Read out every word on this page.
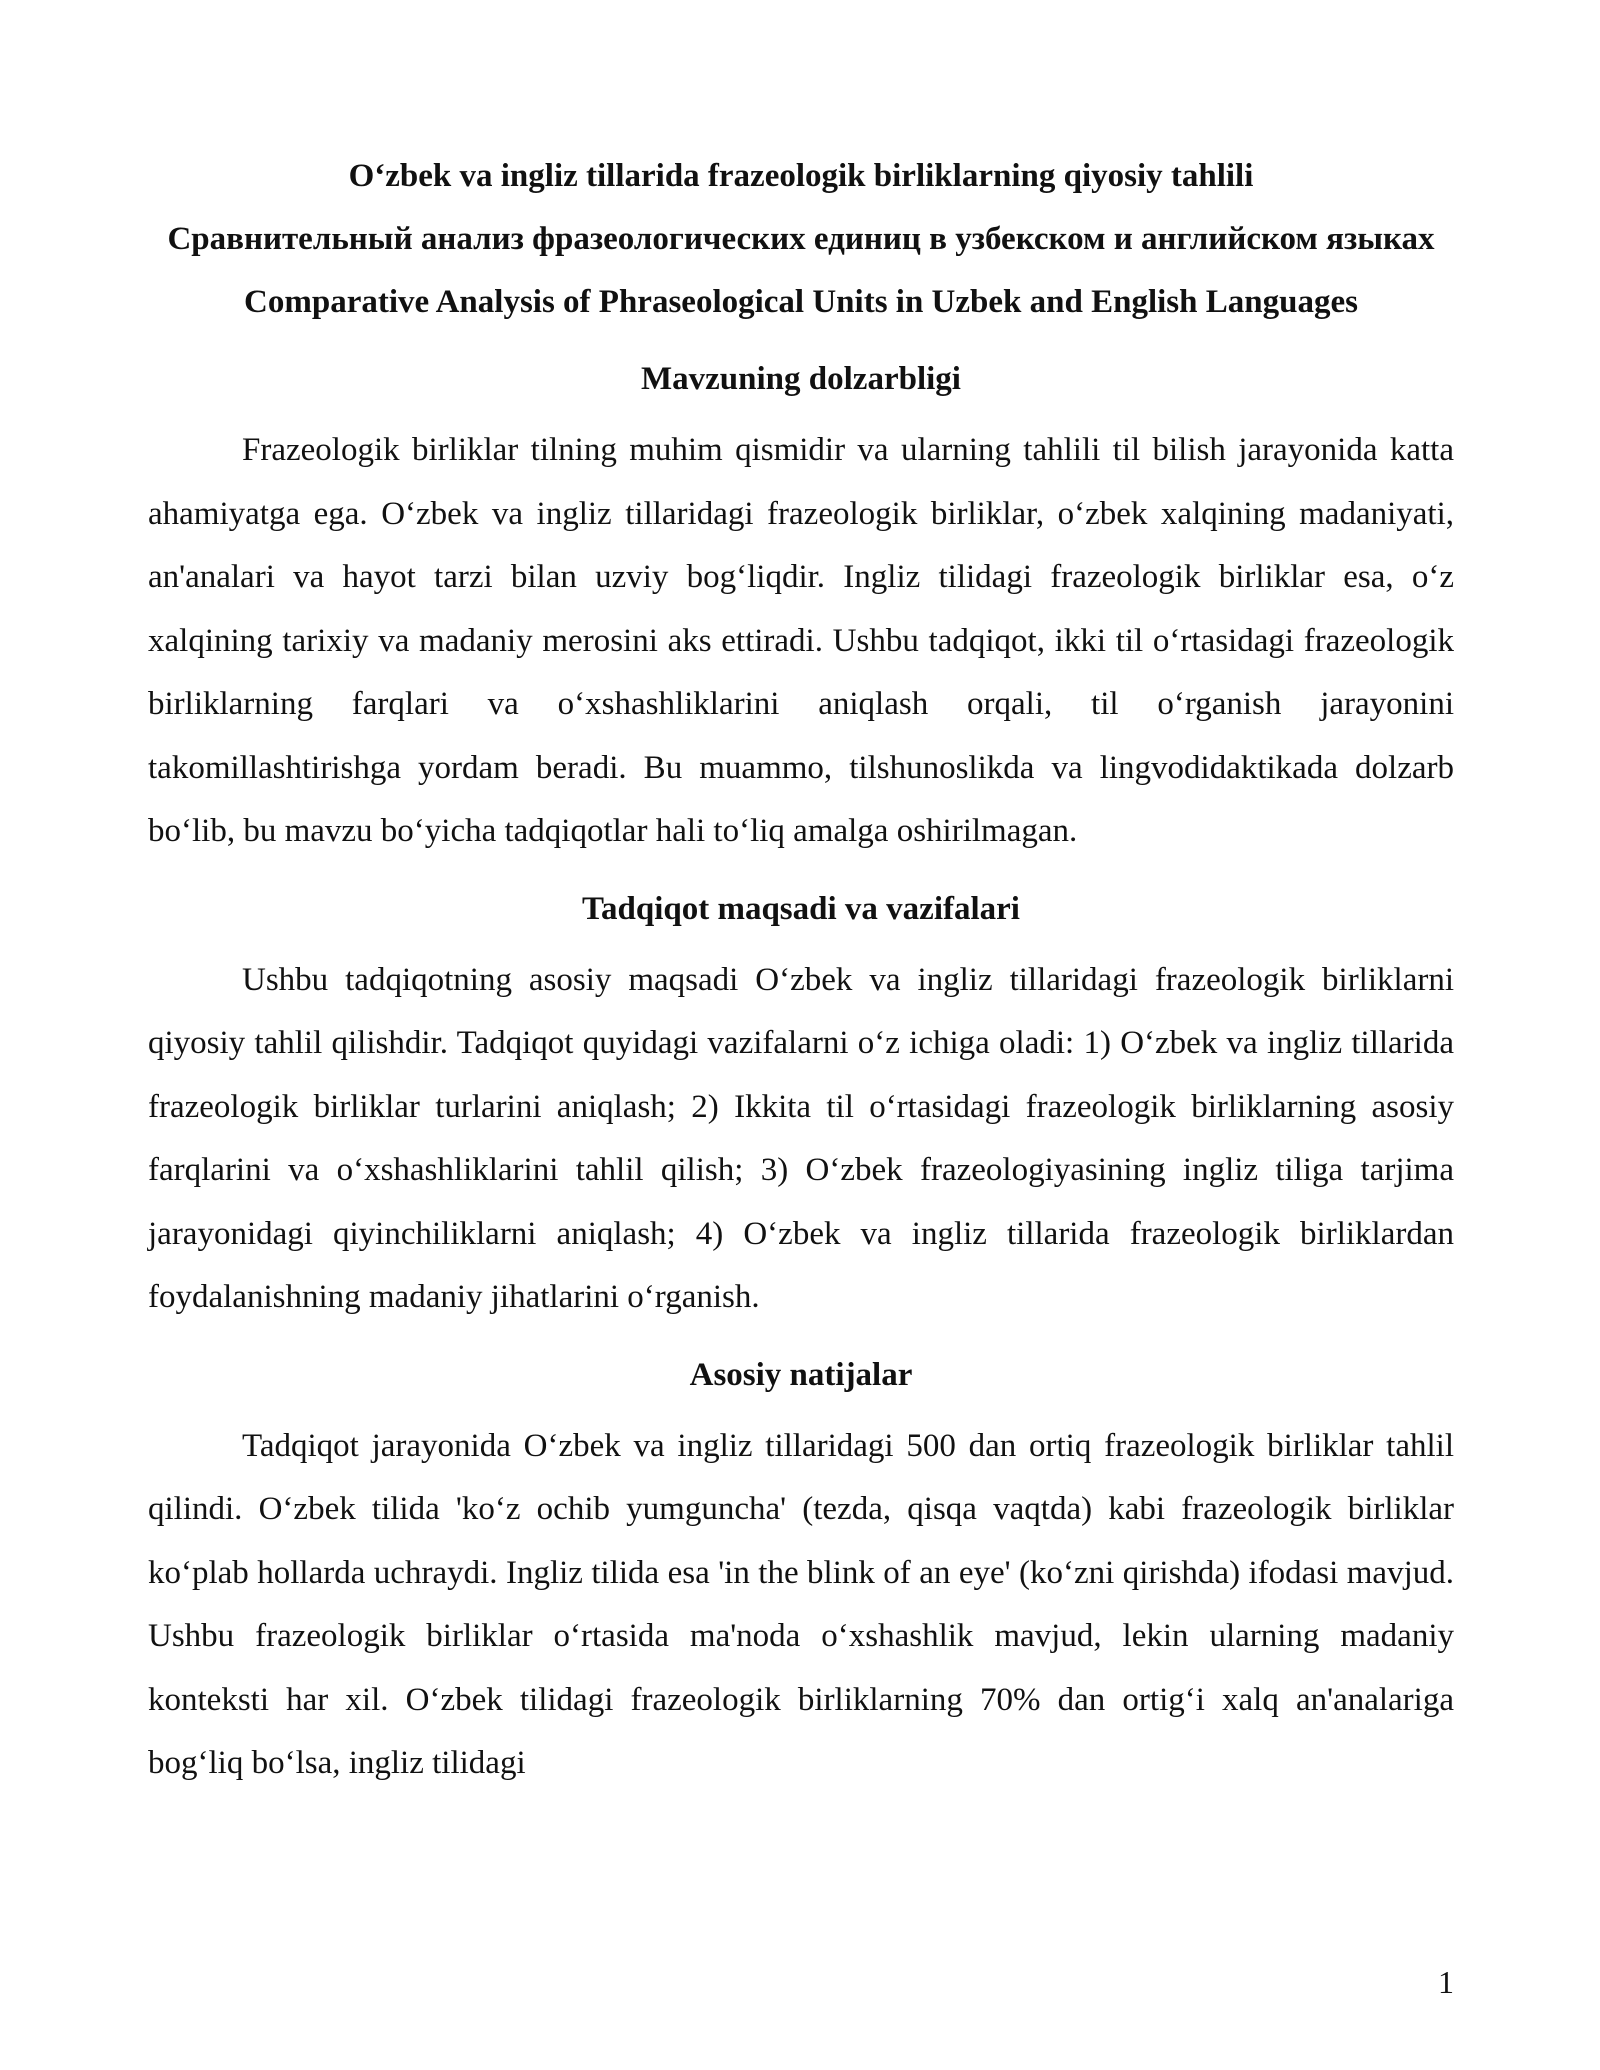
O‘zbek va ingliz tillarida frazeologik birliklarning qiyosiy tahlili

Сравнительный анализ фразеологических единиц в узбекском и английском языках

Comparative Analysis of Phraseological Units in Uzbek and English Languages

Mavzuning dolzarbligi

Frazeologik birliklar tilning muhim qismidir va ularning tahlili til bilish jarayonida katta ahamiyatga ega. O‘zbek va ingliz tillaridagi frazeologik birliklar, o‘zbek xalqining madaniyati, an'analari va hayot tarzi bilan uzviy bog‘liqdir. Ingliz tilidagi frazeologik birliklar esa, o‘z xalqining tarixiy va madaniy merosini aks ettiradi. Ushbu tadqiqot, ikki til o‘rtasidagi frazeologik birliklarning farqlari va o‘xshashliklarini aniqlash orqali, til o‘rganish jarayonini takomillashtirishga yordam beradi. Bu muammo, tilshunoslikda va lingvodidaktikada dolzarb bo‘lib, bu mavzu bo‘yicha tadqiqotlar hali to‘liq amalga oshirilmagan.

Tadqiqot maqsadi va vazifalari

Ushbu tadqiqotning asosiy maqsadi O‘zbek va ingliz tillaridagi frazeologik birliklarni qiyosiy tahlil qilishdir. Tadqiqot quyidagi vazifalarni o‘z ichiga oladi: 1) O‘zbek va ingliz tillarida frazeologik birliklar turlarini aniqlash; 2) Ikkita til o‘rtasidagi frazeologik birliklarning asosiy farqlarini va o‘xshashliklarini tahlil qilish; 3) O‘zbek frazeologiyasining ingliz tiliga tarjima jarayonidagi qiyinchiliklarni aniqlash; 4) O‘zbek va ingliz tillarida frazeologik birliklardan foydalanishning madaniy jihatlarini o‘rganish.

Asosiy natijalar

Tadqiqot jarayonida O‘zbek va ingliz tillaridagi 500 dan ortiq frazeologik birliklar tahlil qilindi. O‘zbek tilida 'ko‘z ochib yumguncha' (tezda, qisqa vaqtda) kabi frazeologik birliklar ko‘plab hollarda uchraydi. Ingliz tilida esa 'in the blink of an eye' (ko‘zni qirishda) ifodasi mavjud. Ushbu frazeologik birliklar o‘rtasida ma'noda o‘xshashlik mavjud, lekin ularning madaniy konteksti har xil. O‘zbek tilidagi frazeologik birliklarning 70% dan ortig‘i xalq an'analariga bog‘liq bo‘lsa, ingliz tilidagi

1
